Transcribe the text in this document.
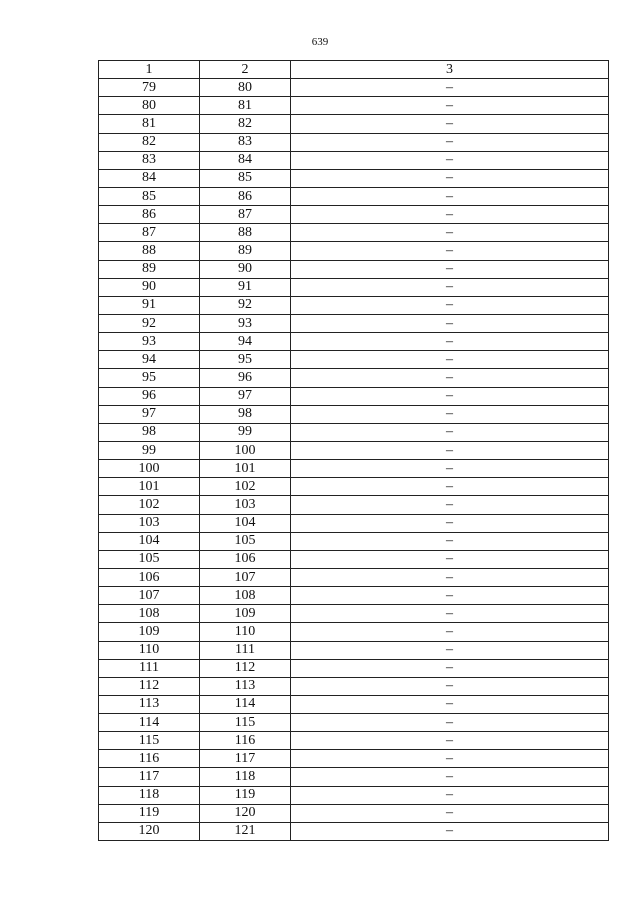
639
1	2	3
79	80	–
80	81	–
81	82	–
82	83	–
83	84	–
84	85	–
85	86	–
86	87	–
87	88	–
88	89	–
89	90	–
90	91	–
91	92	–
92	93	–
93	94	–
94	95	–
95	96	–
96	97	–
97	98	–
98	99	–
99	100	–
100	101	–
101	102	–
102	103	–
103	104	–
104	105	–
105	106	–
106	107	–
107	108	–
108	109	–
109	110	–
110	111	–
111	112	–
112	113	–
113	114	–
114	115	–
115	116	–
116	117	–
117	118	–
118	119	–
119	120	–
120	121	–
